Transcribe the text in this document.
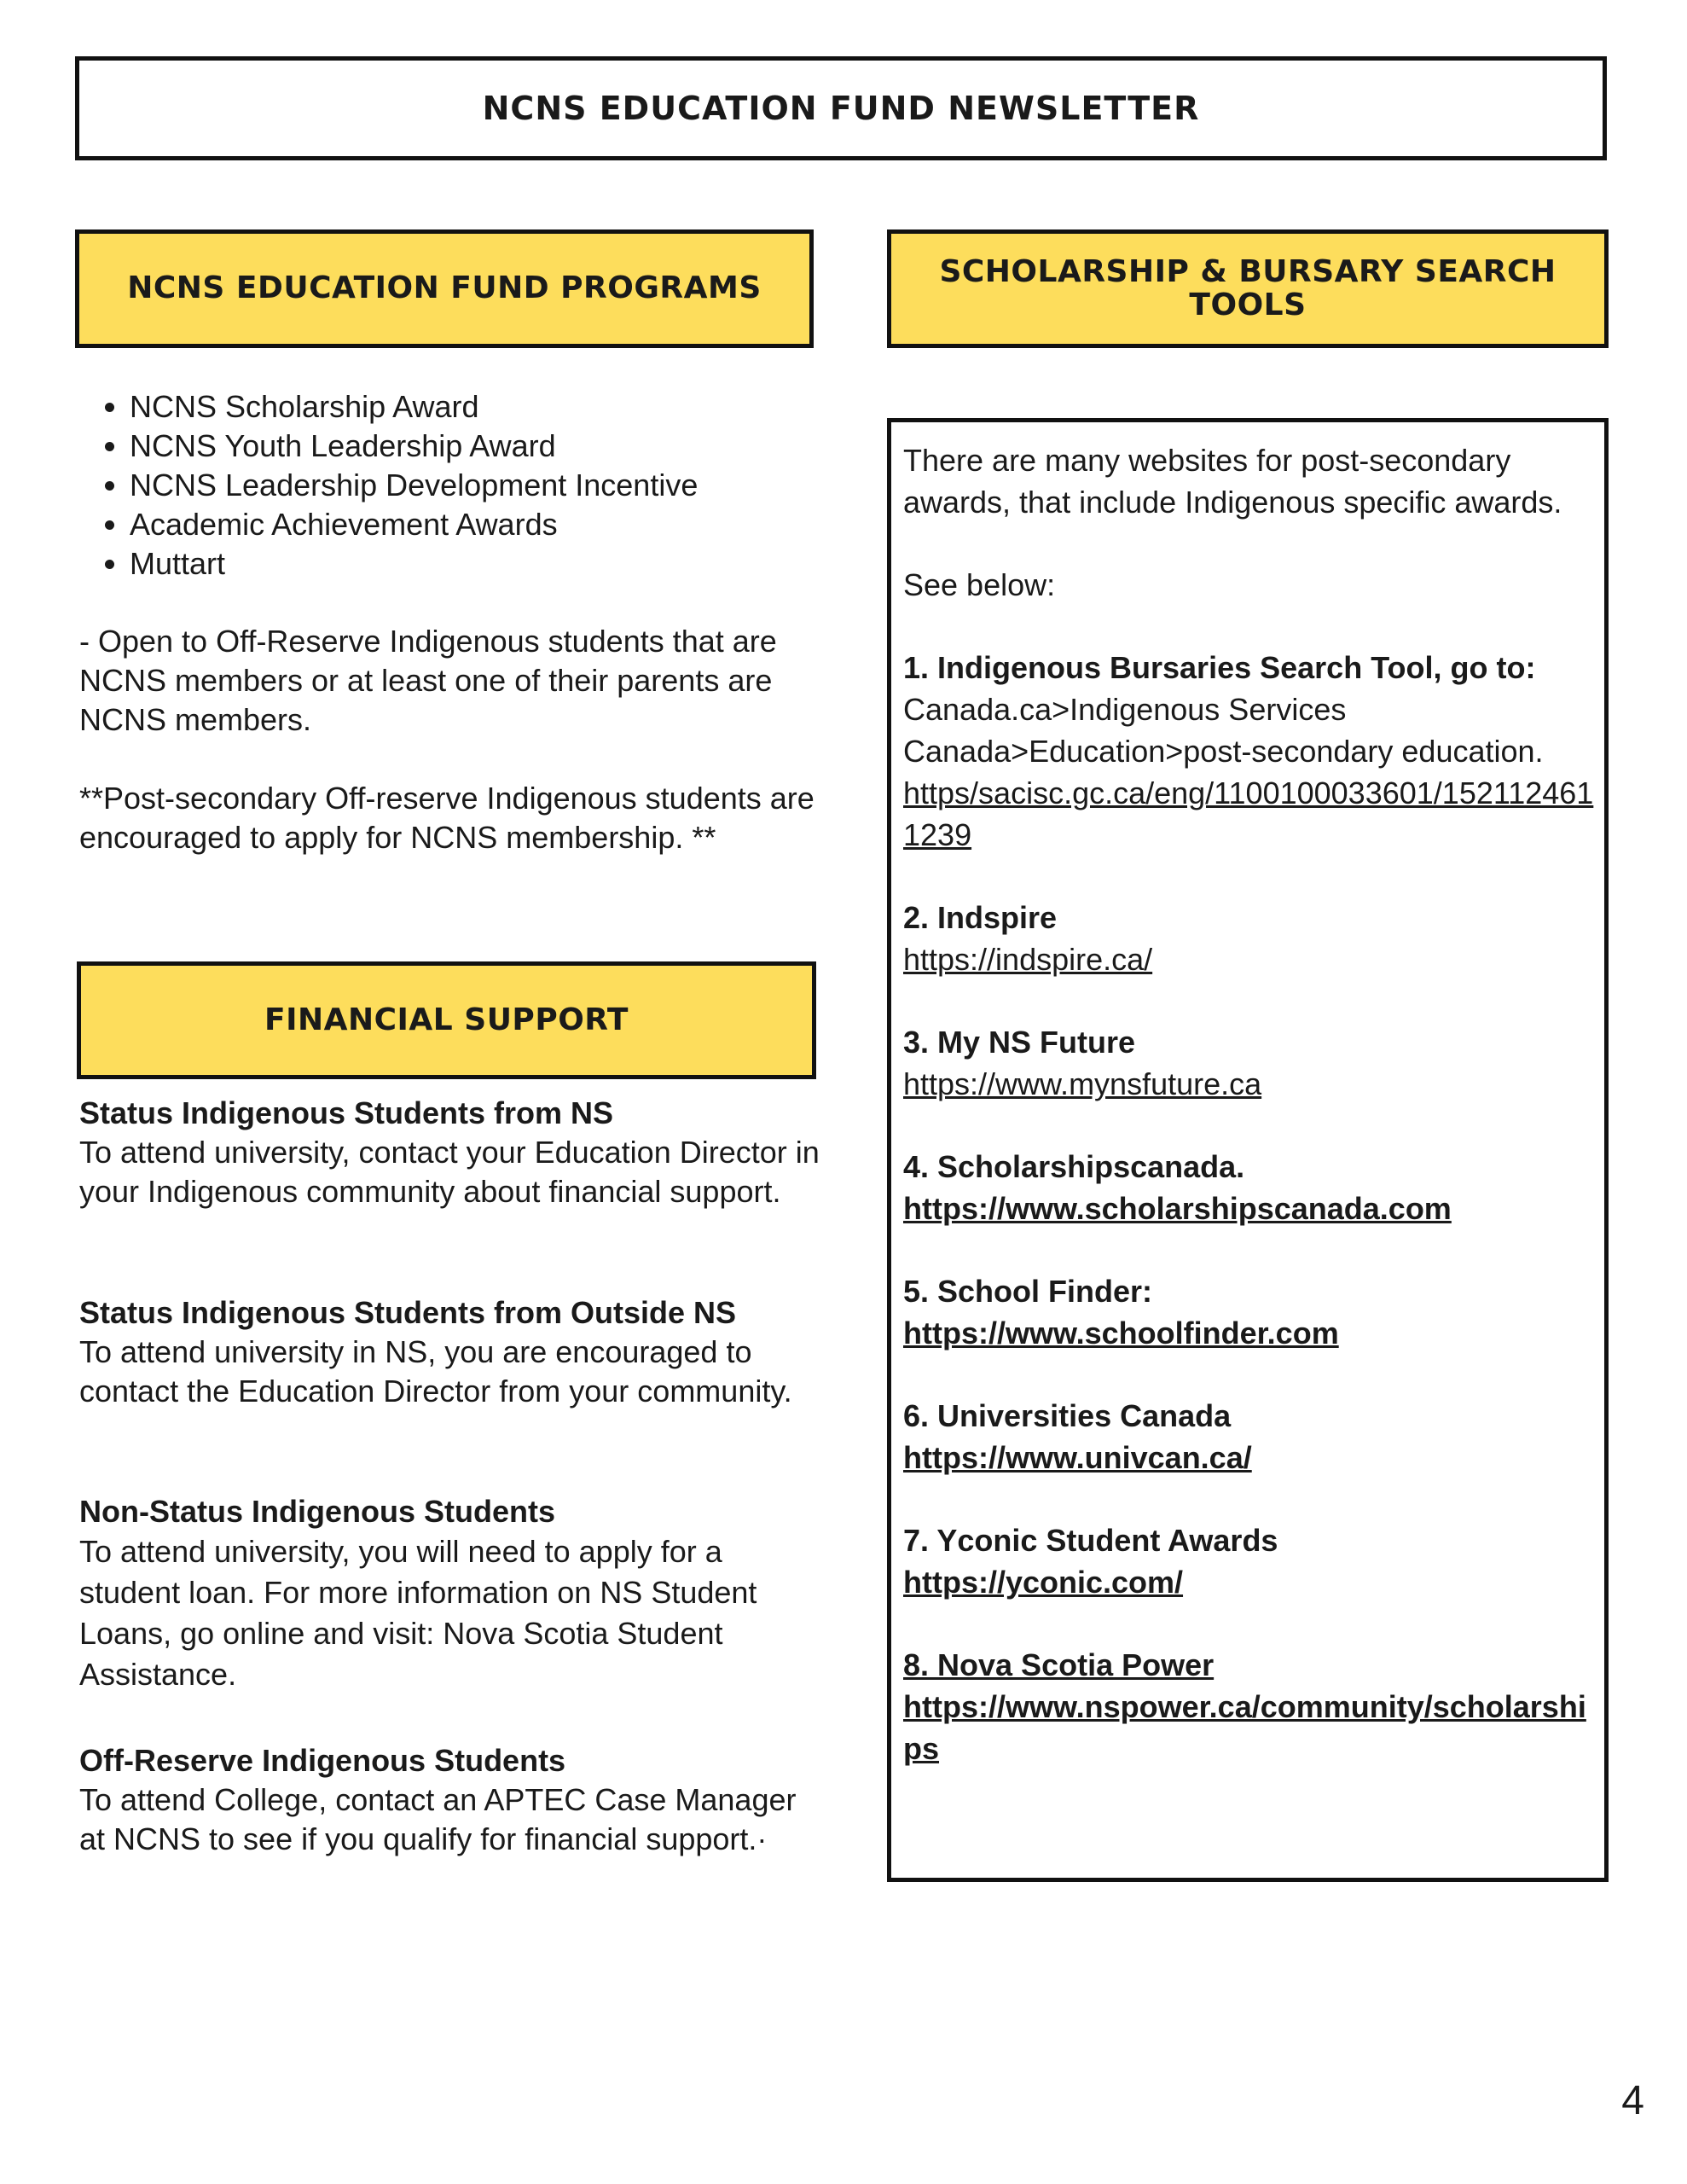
NCNS EDUCATION FUND NEWSLETTER
NCNS EDUCATION FUND PROGRAMS	SCHOLARSHIP & BURSARY SEARCH TOOLS
• NCNS Scholarship Award
• NCNS Youth Leadership Award
• NCNS Leadership Development Incentive
• Academic Achievement Awards
• Muttart

- Open to Off-Reserve Indigenous students that are NCNS members or at least one of their parents are NCNS members.

**Post-secondary Off-reserve Indigenous students are encouraged to apply for NCNS membership. **

FINANCIAL SUPPORT
Status Indigenous Students from NS
To attend university, contact your Education Director in your Indigenous community about financial support.
Status Indigenous Students from Outside NS
To attend university in NS, you are encouraged to contact the Education Director from your community.
Non-Status Indigenous Students
To attend university, you will need to apply for a student loan. For more information on NS Student Loans, go online and visit: Nova Scotia Student Assistance.
Off-Reserve Indigenous Students
To attend College, contact an APTEC Case Manager at NCNS to see if you qualify for financial support.·

There are many websites for post-secondary awards, that include Indigenous specific awards.

See below:

1. Indigenous Bursaries Search Tool, go to:
Canada.ca>Indigenous Services Canada>Education>post-secondary education.
https/sacisc.gc.ca/eng/1100100033601/1521124611239

2. Indspire
https://indspire.ca/

3. My NS Future
https://www.mynsfuture.ca

4. Scholarshipscanada.
https://www.scholarshipscanada.com

5. School Finder:
https://www.schoolfinder.com

6. Universities Canada
https://www.univcan.ca/

7. Yconic Student Awards
https://yconic.com/

8. Nova Scotia Power
https://www.nspower.ca/community/scholarships

4
